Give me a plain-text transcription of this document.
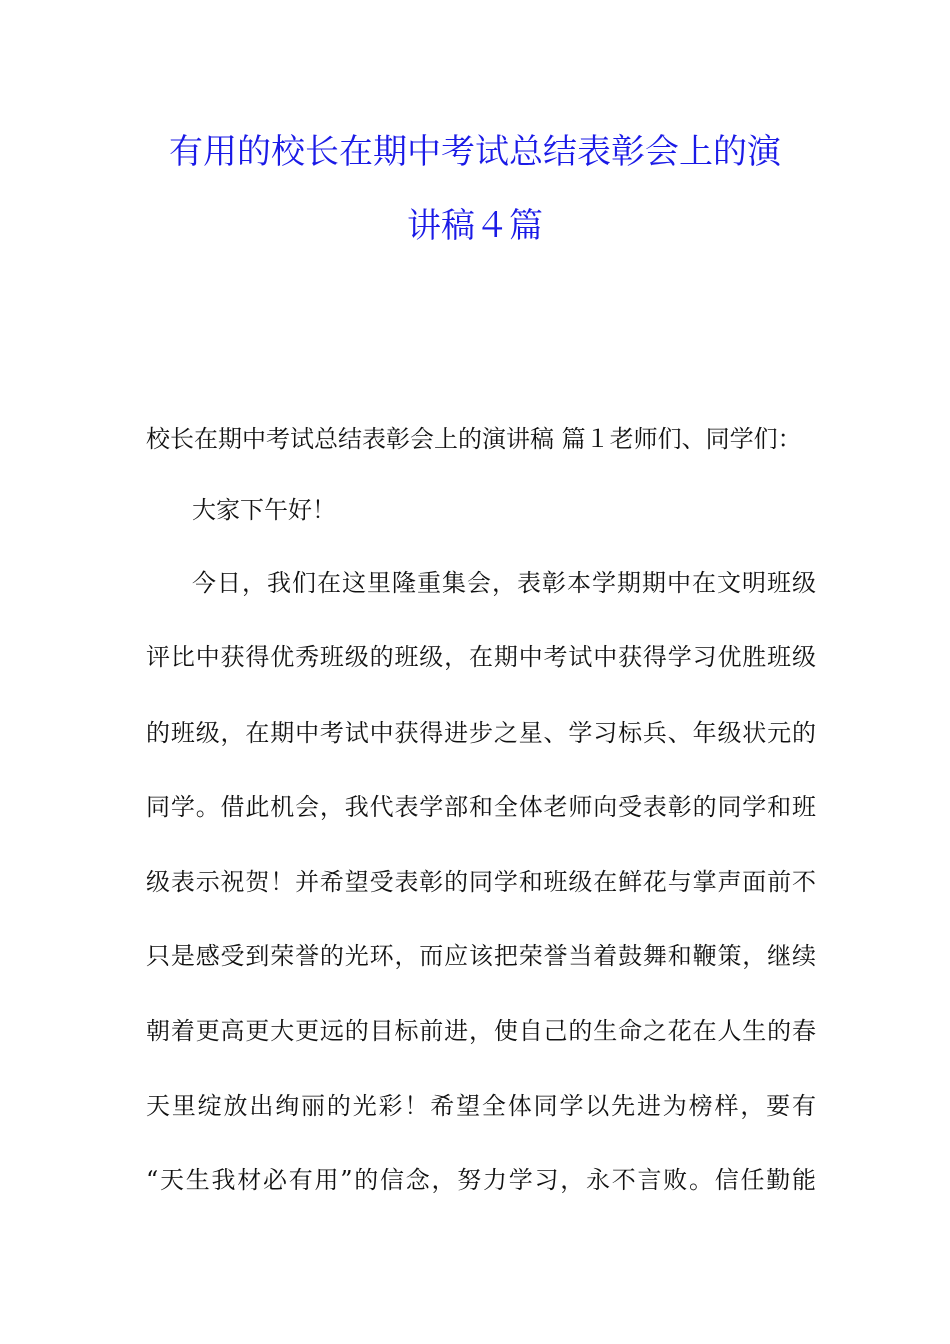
有用的校长在期中考试总结表彰会上的演
讲稿４篇
校长在期中考试总结表彰会上的演讲稿 篇１老师们、同学们：
大家下午好！
今日，我们在这里隆重集会，表彰本学期期中在文明班级
评比中获得优秀班级的班级，在期中考试中获得学习优胜班级
的班级，在期中考试中获得进步之星、学习标兵、年级状元的
同学。借此机会，我代表学部和全体老师向受表彰的同学和班
级表示祝贺！并希望受表彰的同学和班级在鲜花与掌声面前不
只是感受到荣誉的光环，而应该把荣誉当着鼓舞和鞭策，继续
朝着更高更大更远的目标前进，使自己的生命之花在人生的春
天里绽放出绚丽的光彩！希望全体同学以先进为榜样，要有
“天生我材必有用”的信念，努力学习，永不言败。信任勤能
